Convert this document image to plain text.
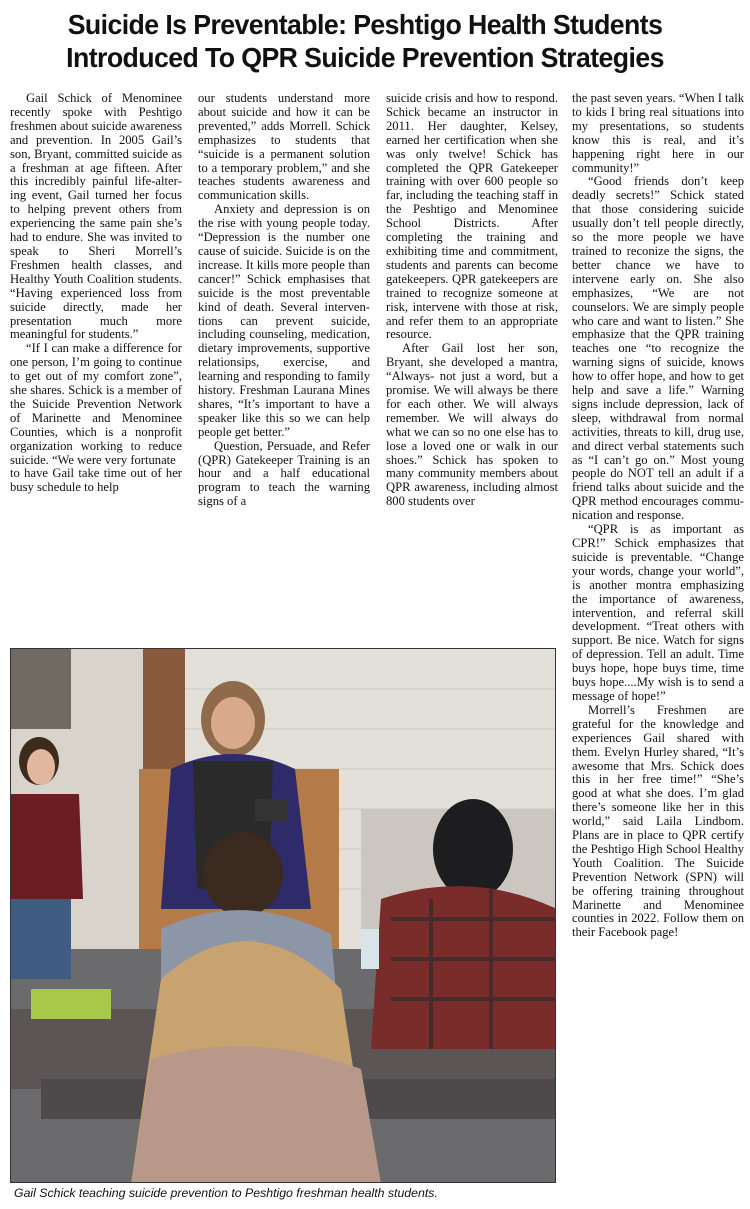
Suicide Is Preventable: Peshtigo Health Students
Introduced To QPR Suicide Prevention Strategies

Gail Schick of Menominee recently spoke with Peshtigo freshmen about suicide awareness and prevention. In 2005 Gail’s son, Bryant, committed suicide as a freshman at age fifteen. After this incredibly painful life-altering event, Gail turned her focus to helping prevent others from experiencing the same pain she’s had to endure. She was invited to speak to Sheri Morrell’s Freshmen health classes, and Healthy Youth Coalition students. “Having experienced loss from suicide directly, made her presentation much more meaningful for students.”

“If I can make a difference for one person, I’m going to continue to get out of my comfort zone”, she shares. Schick is a member of the Suicide Prevention Network of Marinette and Menominee Counties, which is a nonprofit organization working to reduce suicide. “We were very fortunate

to have Gail take time out of her busy schedule to help

our students understand more about suicide and how it can be prevented,” adds Morrell. Schick emphasizes to students that “suicide is a permanent solution to a temporary problem,” and she teaches students awareness and communication skills.

Anxiety and depression is on the rise with young people today. “Depression is the number one cause of suicide. Suicide is on the increase. It kills more people than cancer!” Schick emphasises that suicide is the most preventable kind of death. Several interventions can prevent suicide, including counseling, medication, dietary improvements, supportive relationsips, exercise, and learning and responding to family history. Freshman Laurana Mines shares, “It’s important to have a speaker like this so we can help people get better.”

Question, Persuade, and Refer (QPR) Gatekeeper Training is an hour and a half educational program to teach the warning signs of a

suicide crisis and how to respond. Schick became an instructor in 2011. Her daughter, Kelsey, earned her certification when she was only twelve! Schick has completed the QPR Gatekeeper training with over 600 people so far, including the teaching staff in the Peshtigo and Menominee School Districts. After completing the training and exhibiting time and commitment, students and parents can become gatekeepers. QPR gatekeepers are trained to recognize someone at risk, intervene with those at risk, and refer them to an appropriate resource.

After Gail lost her son, Bryant, she developed a mantra, “Always- not just a word, but a promise. We will always be there for each other. We will always remember. We will always do what we can so no one else has to lose a loved one or walk in our shoes.” Schick has spoken to many community members about QPR awareness, including almost 800 students over

the past seven years. “When I talk to kids I bring real situations into my presentations, so students know this is real, and it’s happening right here in our community!”

“Good friends don’t keep deadly secrets!” Schick stated that those considering suicide usually don’t tell people directly, so the more people we have trained to reconize the signs, the better chance we have to intervene early on. She also emphasizes, “We are not counselors. We are simply people who care and want to listen.” She emphasize that the QPR training teaches one “to recognize the warning signs of suicide, knows how to offer hope, and how to get help and save a life.” Warning signs include depression, lack of sleep, withdrawal from normal activities, threats to kill, drug use, and direct verbal statements such as “I can’t go on.” Most young people do NOT tell an adult if a friend talks about suicide and the QPR method encourages communication and response.

“QPR is as important as CPR!” Schick emphasizes that suicide is preventable. “Change your words, change your world”, is another montra emphasizing the importance of awareness, intervention, and referral skill development. “Treat others with support. Be nice. Watch for signs of depression. Tell an adult. Time buys hope, hope buys time, time buys hope....My wish is to send a message of hope!”

Morrell’s Freshmen are grateful for the knowledge and experiences Gail shared with them. Evelyn Hurley shared, “It’s awesome that Mrs. Schick does this in her free time!” “She’s good at what she does. I’m glad there’s someone like her in this world,” said Laila Lindbom. Plans are in place to QPR certify the Peshtigo High School Healthy Youth Coalition. The Suicide Prevention Network (SPN) will be offering training throughout Marinette and Menominee counties in 2022. Follow them on their Facebook page!

Gail Schick teaching suicide prevention to Peshtigo freshman health students.
